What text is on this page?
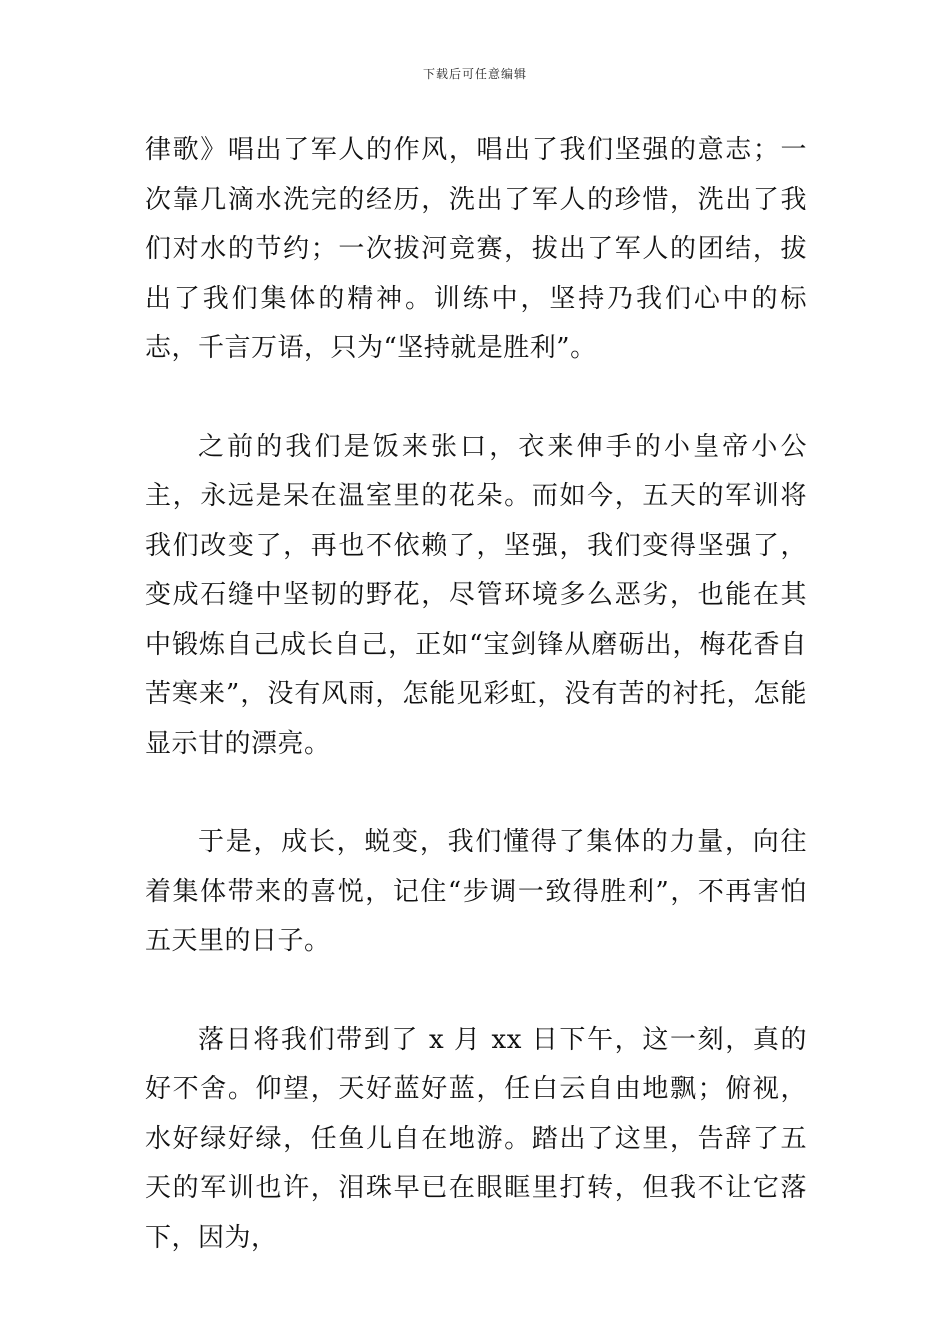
下载后可任意编辑

律歌》唱出了军人的作风，唱出了我们坚强的意志；一次靠几滴水洗完的经历，洗出了军人的珍惜，洗出了我们对水的节约；一次拔河竞赛，拔出了军人的团结，拔出了我们集体的精神。训练中，坚持乃我们心中的标志，千言万语，只为“坚持就是胜利”。

之前的我们是饭来张口，衣来伸手的小皇帝小公主，永远是呆在温室里的花朵。而如今，五天的军训将我们改变了，再也不依赖了，坚强，我们变得坚强了，变成石缝中坚韧的野花，尽管环境多么恶劣，也能在其中锻炼自己成长自己，正如“宝剑锋从磨砺出，梅花香自苦寒来”，没有风雨，怎能见彩虹，没有苦的衬托，怎能显示甘的漂亮。

于是，成长，蜕变，我们懂得了集体的力量，向往着集体带来的喜悦，记住“步调一致得胜利”，不再害怕五天里的日子。

落日将我们带到了 x 月 xx 日下午，这一刻，真的好不舍。仰望，天好蓝好蓝，任白云自由地飘；俯视，水好绿好绿，任鱼儿自在地游。踏出了这里，告辞了五天的军训也许，泪珠早已在眼眶里打转，但我不让它落下，因为，
